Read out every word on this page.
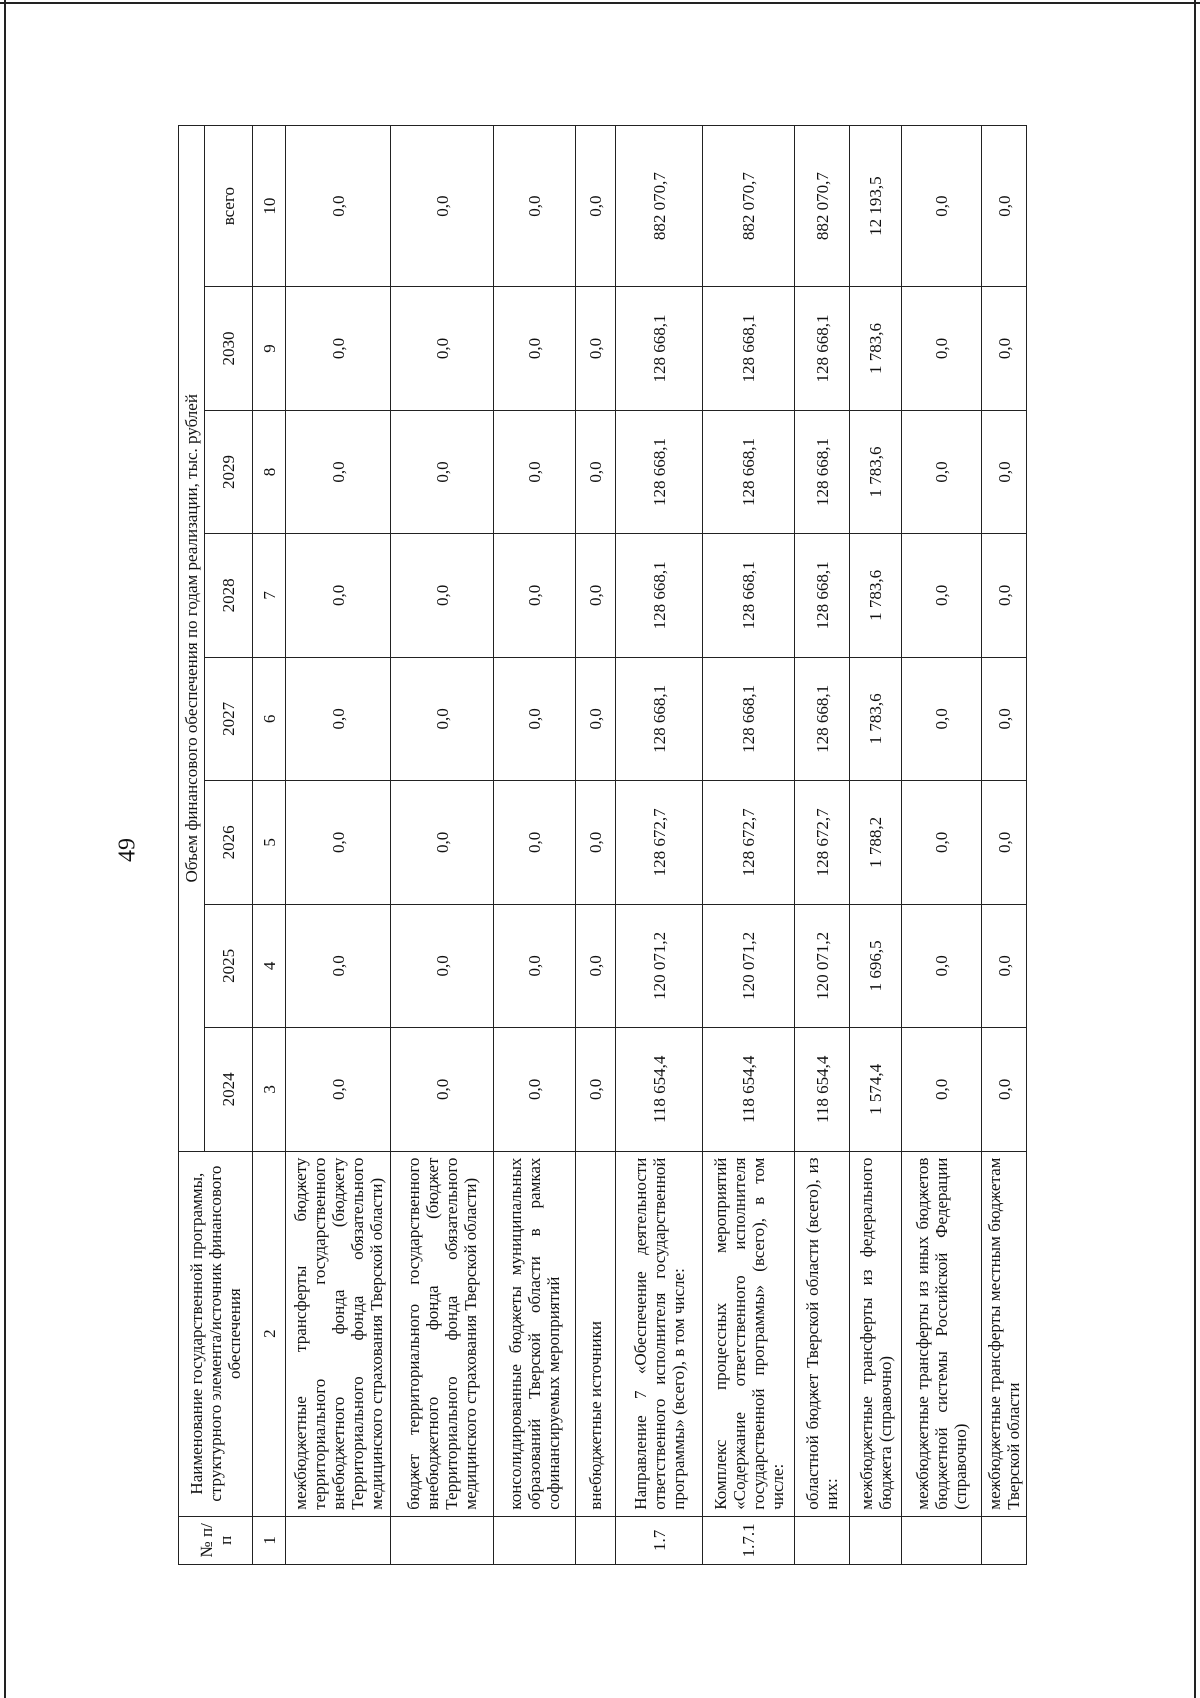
49
№ п/п	Наименование государственной программы, структурного элемента/источник финансового обеспечения	Объем финансового обеспечения по годам реализации, тыс. рублей							
		2024	2025	2026	2027	2028	2029	2030	всего
1	2	3	4	5	6	7	8	9	10
	межбюджетные трансферты бюджету территориального государственного внебюджетного фонда (бюджету Территориального фонда обязательного медицинского страхования Тверской области)	0,0	0,0	0,0	0,0	0,0	0,0	0,0	0,0
	бюджет территориального государственного внебюджетного фонда (бюджет Территориального фонда обязательного медицинского страхования Тверской области)	0,0	0,0	0,0	0,0	0,0	0,0	0,0	0,0
	консолидированные бюджеты муниципальных образований Тверской области в рамках софинансируемых мероприятий	0,0	0,0	0,0	0,0	0,0	0,0	0,0	0,0
	внебюджетные источники	0,0	0,0	0,0	0,0	0,0	0,0	0,0	0,0
1.7	Направление 7 «Обеспечение деятельности ответственного исполнителя государственной программы» (всего), в том числе:	118 654,4	120 071,2	128 672,7	128 668,1	128 668,1	128 668,1	128 668,1	882 070,7
1.7.1	Комплекс процессных мероприятий «Содержание ответственного исполнителя государственной программы» (всего), в том числе:	118 654,4	120 071,2	128 672,7	128 668,1	128 668,1	128 668,1	128 668,1	882 070,7
	областной бюджет Тверской области (всего), из них:	118 654,4	120 071,2	128 672,7	128 668,1	128 668,1	128 668,1	128 668,1	882 070,7
	межбюджетные трансферты из федерального бюджета (справочно)	1 574,4	1 696,5	1 788,2	1 783,6	1 783,6	1 783,6	1 783,6	12 193,5
	межбюджетные трансферты из иных бюджетов бюджетной системы Российской Федерации (справочно)	0,0	0,0	0,0	0,0	0,0	0,0	0,0	0,0
	межбюджетные трансферты местным бюджетам Тверской области	0,0	0,0	0,0	0,0	0,0	0,0	0,0	0,0
